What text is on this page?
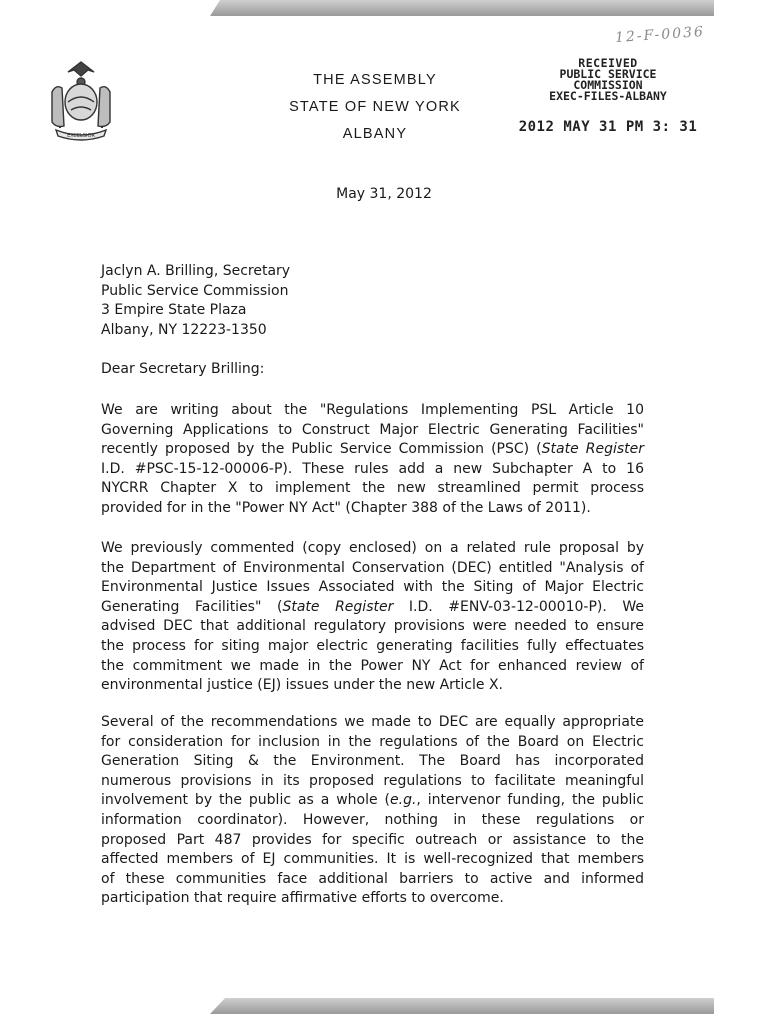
12-F-0036
EXCELSIOR
THE ASSEMBLY
STATE OF NEW YORK
ALBANY
RECEIVED
PUBLIC SERVICE
COMMISSION
EXEC-FILES-ALBANY
2012 MAY 31 PM 3: 31
May 31, 2012
Jaclyn A. Brilling, Secretary
Public Service Commission
3 Empire State Plaza
Albany, NY 12223-1350
Dear Secretary Brilling:
We are writing about the "Regulations Implementing PSL Article 10
Governing Applications to Construct Major Electric Generating Facilities"
recently proposed by the Public Service Commission (PSC) (State Register
I.D. #PSC-15-12-00006-P). These rules add a new Subchapter A to 16
NYCRR Chapter X to implement the new streamlined permit process
provided for in the "Power NY Act" (Chapter 388 of the Laws of 2011).
We previously commented (copy enclosed) on a related rule proposal by
the Department of Environmental Conservation (DEC) entitled "Analysis of
Environmental Justice Issues Associated with the Siting of Major Electric
Generating Facilities" (State Register I.D. #ENV-03-12-00010-P). We
advised DEC that additional regulatory provisions were needed to ensure
the process for siting major electric generating facilities fully effectuates
the commitment we made in the Power NY Act for enhanced review of
environmental justice (EJ) issues under the new Article X.
Several of the recommendations we made to DEC are equally appropriate
for consideration for inclusion in the regulations of the Board on Electric
Generation Siting & the Environment. The Board has incorporated
numerous provisions in its proposed regulations to facilitate meaningful
involvement by the public as a whole (e.g., intervenor funding, the public
information coordinator). However, nothing in these regulations or
proposed Part 487 provides for specific outreach or assistance to the
affected members of EJ communities. It is well-recognized that members
of these communities face additional barriers to active and informed
participation that require affirmative efforts to overcome.
